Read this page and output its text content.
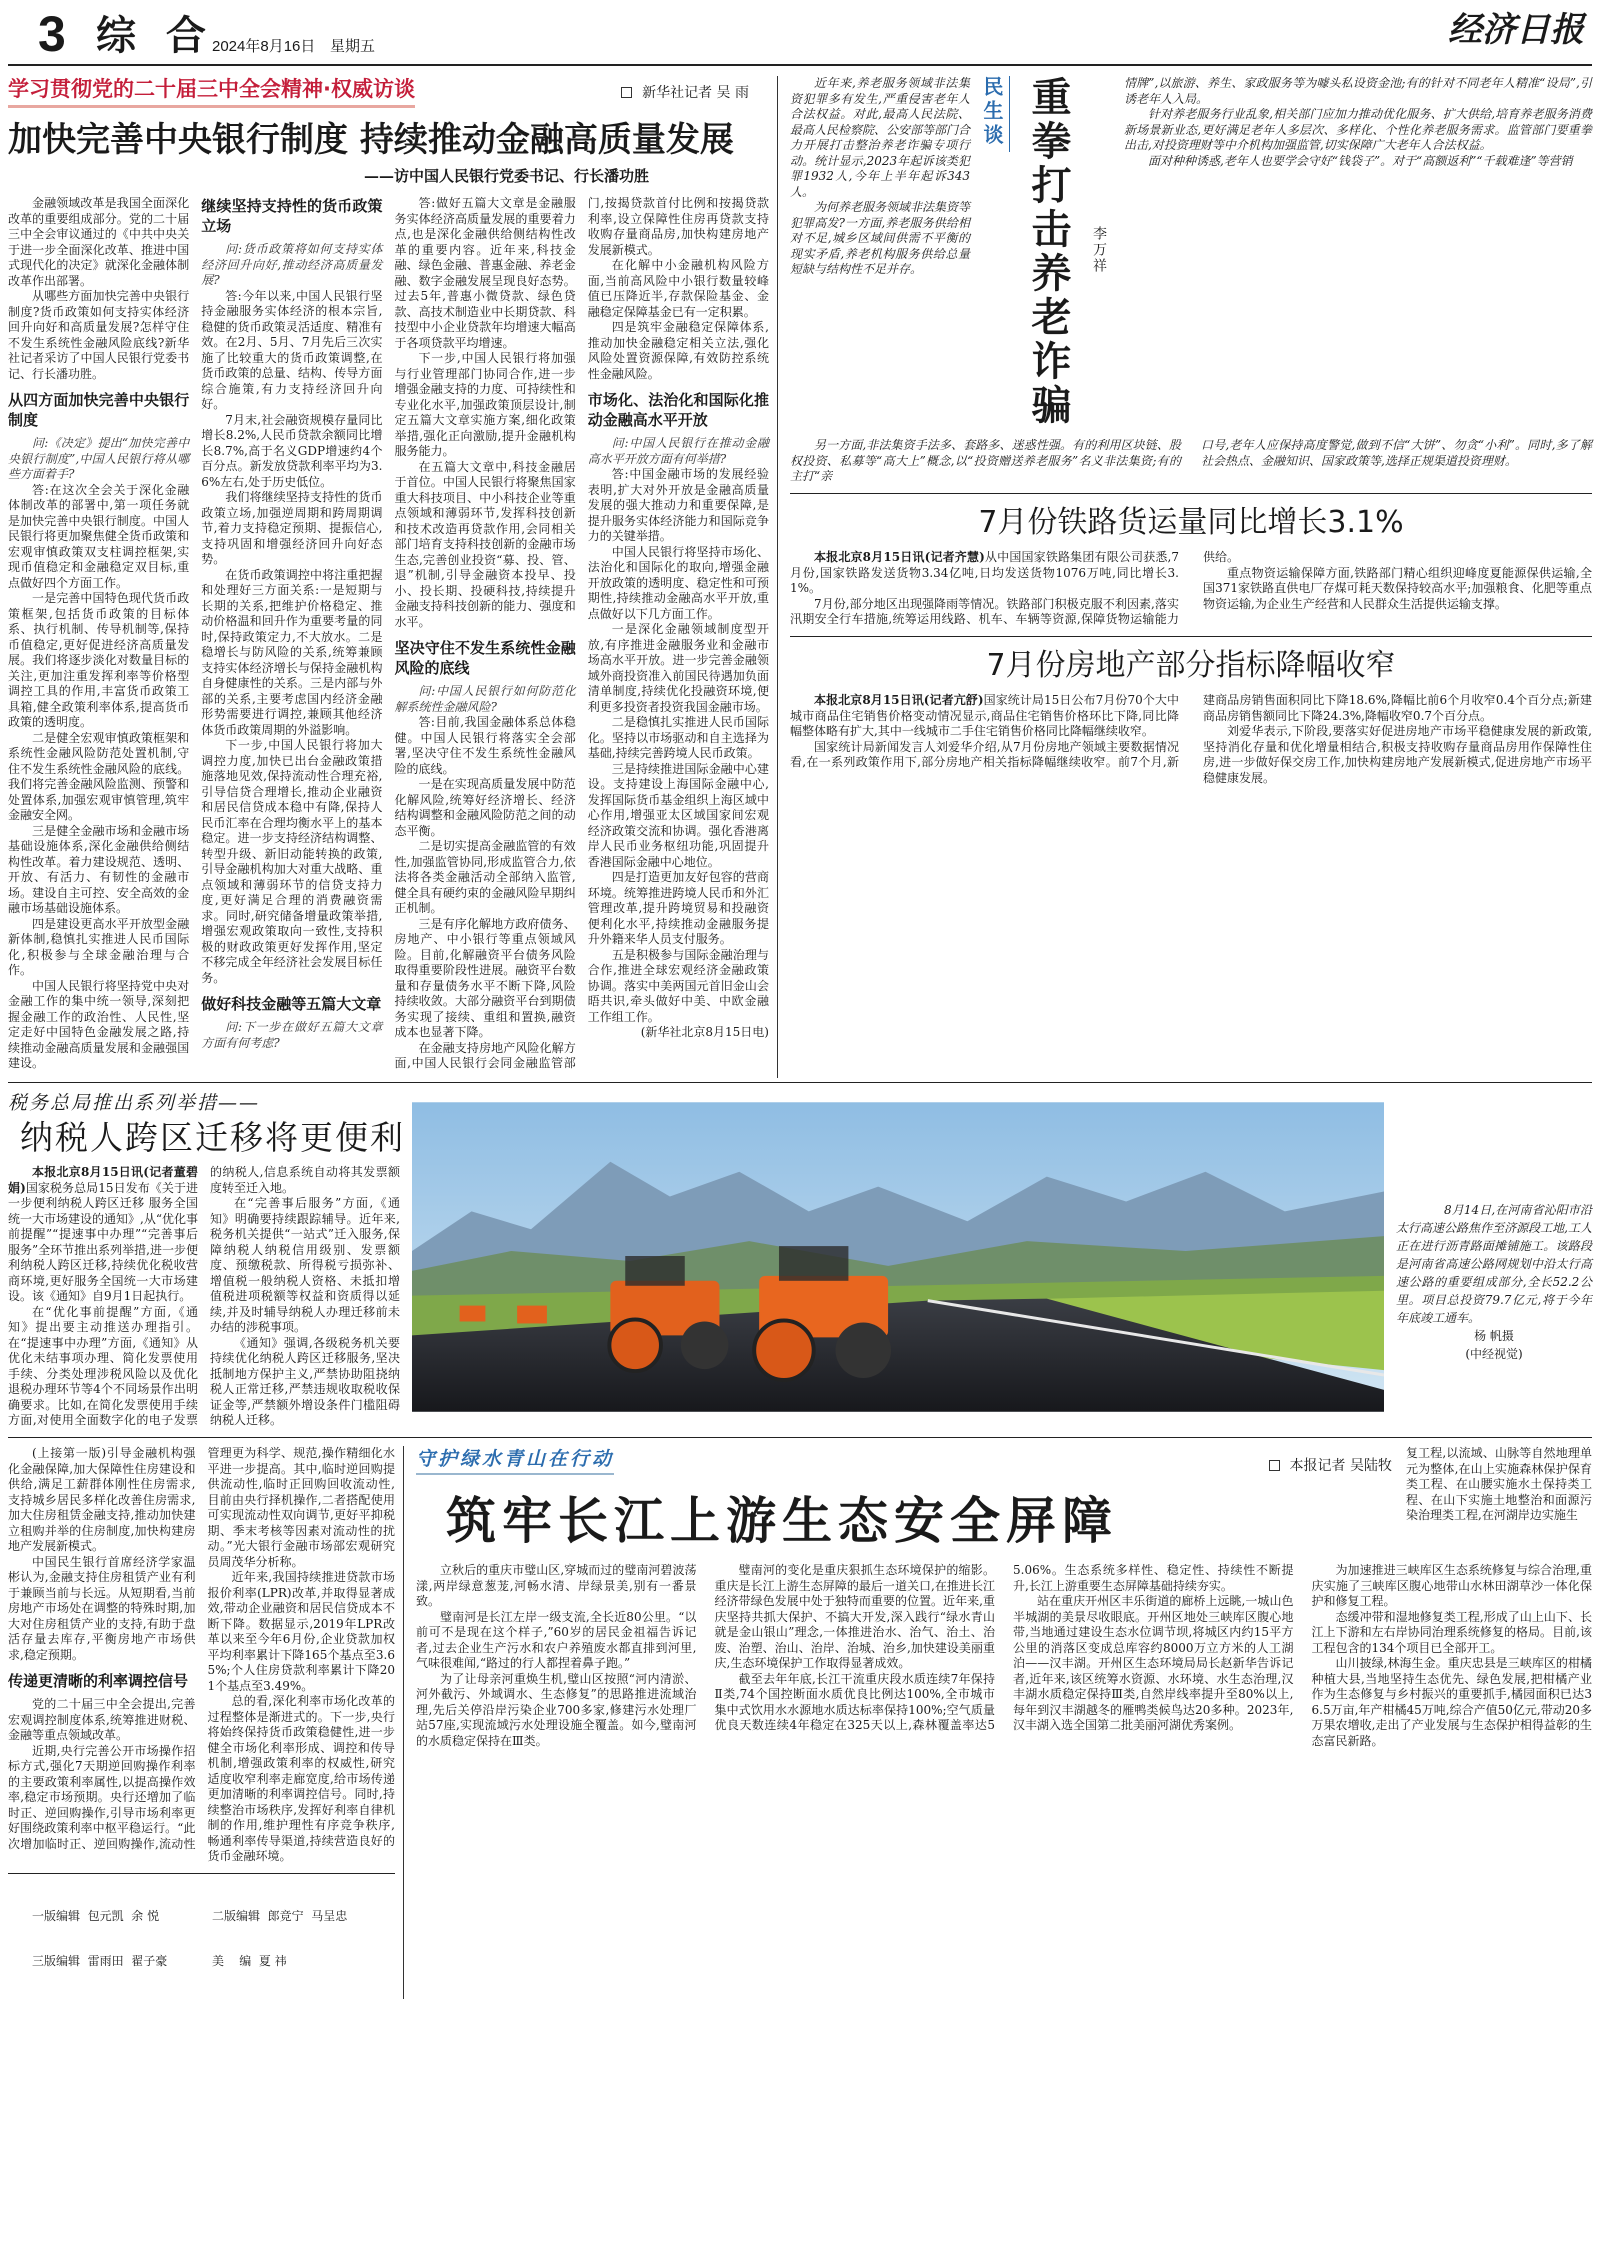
3 综 合
2024年8月16日 星期五	经济日报
学习贯彻党的二十届三中全会精神·权威访谈	新华社记者 吴 雨
加快完善中央银行制度 持续推动金融高质量发展
——访中国人民银行党委书记、行长潘功胜

金融领域改革是我国全面深化改革的重要组成部分。党的二十届三中全会审议通过的《中共中央关于进一步全面深化改革、推进中国式现代化的决定》就深化金融体制改革作出部署。

从哪些方面加快完善中央银行制度?货币政策如何支持实体经济回升向好和高质量发展?怎样守住不发生系统性金融风险底线?新华社记者采访了中国人民银行党委书记、行长潘功胜。

从四方面加快完善中央银行制度

问:《决定》提出“加快完善中央银行制度”,中国人民银行将从哪些方面着手?

答:在这次全会关于深化金融体制改革的部署中,第一项任务就是加快完善中央银行制度。中国人民银行将更加聚焦健全货币政策和宏观审慎政策双支柱调控框架,实现币值稳定和金融稳定双目标,重点做好四个方面工作。

一是完善中国特色现代货币政策框架,包括货币政策的目标体系、执行机制、传导机制等,保持币值稳定,更好促进经济高质量发展。我们将逐步淡化对数量目标的关注,更加注重发挥利率等价格型调控工具的作用,丰富货币政策工具箱,健全政策利率体系,提高货币政策的透明度。

二是健全宏观审慎政策框架和系统性金融风险防范处置机制,守住不发生系统性金融风险的底线。我们将完善金融风险监测、预警和处置体系,加强宏观审慎管理,筑牢金融安全网。

三是健全金融市场和金融市场基础设施体系,深化金融供给侧结构性改革。着力建设规范、透明、开放、有活力、有韧性的金融市场。建设自主可控、安全高效的金融市场基础设施体系。

四是建设更高水平开放型金融新体制,稳慎扎实推进人民币国际化,积极参与全球金融治理与合作。

中国人民银行将坚持党中央对金融工作的集中统一领导,深刻把握金融工作的政治性、人民性,坚定走好中国特色金融发展之路,持续推动金融高质量发展和金融强国建设。

继续坚持支持性的货币政策立场

问:货币政策将如何支持实体经济回升向好,推动经济高质量发展?

答:今年以来,中国人民银行坚持金融服务实体经济的根本宗旨,稳健的货币政策灵活适度、精准有效。在2月、5月、7月先后三次实施了比较重大的货币政策调整,在货币政策的总量、结构、传导方面综合施策,有力支持经济回升向好。

7月末,社会融资规模存量同比增长8.2%,人民币贷款余额同比增长8.7%,高于名义GDP增速约4个百分点。新发放贷款利率平均为3.6%左右,处于历史低位。

我们将继续坚持支持性的货币政策立场,加强逆周期和跨周期调节,着力支持稳定预期、提振信心,支持巩固和增强经济回升向好态势。

在货币政策调控中将注重把握和处理好三方面关系:一是短期与长期的关系,把维护价格稳定、推动价格温和回升作为重要考量的同时,保持政策定力,不大放水。二是稳增长与防风险的关系,统筹兼顾支持实体经济增长与保持金融机构自身健康性的关系。三是内部与外部的关系,主要考虑国内经济金融形势需要进行调控,兼顾其他经济体货币政策周期的外溢影响。

下一步,中国人民银行将加大调控力度,加快已出台金融政策措施落地见效,保持流动性合理充裕,引导信贷合理增长,推动企业融资和居民信贷成本稳中有降,保持人民币汇率在合理均衡水平上的基本稳定。进一步支持经济结构调整、转型升级、新旧动能转换的政策,引导金融机构加大对重大战略、重点领域和薄弱环节的信贷支持力度,更好满足合理的消费融资需求。同时,研究储备增量政策举措,增强宏观政策取向一致性,支持积极的财政政策更好发挥作用,坚定不移完成全年经济社会发展目标任务。

做好科技金融等五篇大文章

问:下一步在做好五篇大文章方面有何考虑?

答:做好五篇大文章是金融服务实体经济高质量发展的重要着力点,也是深化金融供给侧结构性改革的重要内容。近年来,科技金融、绿色金融、普惠金融、养老金融、数字金融发展呈现良好态势。过去5年,普惠小微贷款、绿色贷款、高技术制造业中长期贷款、科技型中小企业贷款年均增速大幅高于各项贷款平均增速。

下一步,中国人民银行将加强与行业管理部门协同合作,进一步增强金融支持的力度、可持续性和专业化水平,加强政策顶层设计,制定五篇大文章实施方案,细化政策举措,强化正向激励,提升金融机构服务能力。

在五篇大文章中,科技金融居于首位。中国人民银行将聚焦国家重大科技项目、中小科技企业等重点领域和薄弱环节,发挥科技创新和技术改造再贷款作用,会同相关部门培育支持科技创新的金融市场生态,完善创业投资“募、投、管、退”机制,引导金融资本投早、投小、投长期、投硬科技,持续提升金融支持科技创新的能力、强度和水平。

坚决守住不发生系统性金融风险的底线

问:中国人民银行如何防范化解系统性金融风险?

答:目前,我国金融体系总体稳健。中国人民银行将落实全会部署,坚决守住不发生系统性金融风险的底线。

一是在实现高质量发展中防范化解风险,统筹好经济增长、经济结构调整和金融风险防范之间的动态平衡。

二是切实提高金融监管的有效性,加强监管协同,形成监管合力,依法将各类金融活动全部纳入监管,健全具有硬约束的金融风险早期纠正机制。

三是有序化解地方政府债务、房地产、中小银行等重点领域风险。目前,化解融资平台债务风险取得重要阶段性进展。融资平台数量和存量债务水平不断下降,风险持续收敛。大部分融资平台到期债务实现了接续、重组和置换,融资成本也显著下降。

在金融支持房地产风险化解方面,中国人民银行会同金融监管部门,按揭贷款首付比例和按揭贷款利率,设立保障性住房再贷款支持收购存量商品房,加快构建房地产发展新模式。

在化解中小金融机构风险方面,当前高风险中小银行数量较峰值已压降近半,存款保险基金、金融稳定保障基金已有一定积累。

四是筑牢金融稳定保障体系,推动加快金融稳定相关立法,强化风险处置资源保障,有效防控系统性金融风险。

市场化、法治化和国际化推动金融高水平开放

问:中国人民银行在推动金融高水平开放方面有何举措?

答:中国金融市场的发展经验表明,扩大对外开放是金融高质量发展的强大推动力和重要保障,是提升服务实体经济能力和国际竞争力的关键举措。

中国人民银行将坚持市场化、法治化和国际化的取向,增强金融开放政策的透明度、稳定性和可预期性,持续推动金融高水平开放,重点做好以下几方面工作。

一是深化金融领域制度型开放,有序推进金融服务业和金融市场高水平开放。进一步完善金融领域外商投资准入前国民待遇加负面清单制度,持续优化投融资环境,便利更多投资者投资我国金融市场。

二是稳慎扎实推进人民币国际化。坚持以市场驱动和自主选择为基础,持续完善跨境人民币政策。

三是持续推进国际金融中心建设。支持建设上海国际金融中心,发挥国际货币基金组织上海区域中心作用,增强亚太区域国家间宏观经济政策交流和协调。强化香港离岸人民币业务枢纽功能,巩固提升香港国际金融中心地位。

四是打造更加友好包容的营商环境。统筹推进跨境人民币和外汇管理改革,提升跨境贸易和投融资便利化水平,持续推动金融服务提升外籍来华人员支付服务。

五是积极参与国际金融治理与合作,推进全球宏观经济金融政策协调。落实中美两国元首旧金山会晤共识,牵头做好中美、中欧金融工作组工作。

(新华社北京8月15日电)

近年来,养老服务领域非法集资犯罪多有发生,严重侵害老年人合法权益。对此,最高人民法院、最高人民检察院、公安部等部门合力开展打击整治养老诈骗专项行动。统计显示,2023年起诉该类犯罪1932人,今年上半年起诉343人。

为何养老服务领域非法集资等犯罪高发?一方面,养老服务供给相对不足,城乡区域间供需不平衡的现实矛盾,养老机构服务供给总量短缺与结构性不足并存。

民生谈 重拳打击养老诈骗	李万祥

情牌”,以旅游、养生、家政服务等为噱头私设资金池;有的针对不同老年人精准“设局”,引诱老年人入局。

针对养老服务行业乱象,相关部门应加力推动优化服务、扩大供给,培育养老服务消费新场景新业态,更好满足老年人多层次、多样化、个性化养老服务需求。监管部门要重拳出击,对投资理财等中介机构加强监管,切实保障广大老年人合法权益。

面对种种诱惑,老年人也要学会守好“钱袋子”。对于“高额返利”“千载难逢”等营销

另一方面,非法集资手法多、套路多、迷惑性强。有的利用区块链、股权投资、私募等“高大上”概念,以“投资赠送养老服务”名义非法集资;有的主打“亲

口号,老年人应保持高度警觉,做到不信“大饼”、勿贪“小利”。同时,多了解社会热点、金融知识、国家政策等,选择正规渠道投资理财。

7月份铁路货运量同比增长3.1%

本报北京8月15日讯(记者齐慧)从中国国家铁路集团有限公司获悉,7月份,国家铁路发送货物3.34亿吨,日均发送货物1076万吨,同比增长3.1%。

7月份,部分地区出现强降雨等情况。铁路部门积极克服不利因素,落实汛期安全行车措施,统筹运用线路、机车、车辆等资源,保障货物运输能力供给。

重点物资运输保障方面,铁路部门精心组织迎峰度夏能源保供运输,全国371家铁路直供电厂存煤可耗天数保持较高水平;加强粮食、化肥等重点物资运输,为企业生产经营和人民群众生活提供运输支撑。

7月份房地产部分指标降幅收窄

本报北京8月15日讯(记者亢舒)国家统计局15日公布7月份70个大中城市商品住宅销售价格变动情况显示,商品住宅销售价格环比下降,同比降幅整体略有扩大,其中一线城市二手住宅销售价格同比降幅继续收窄。

国家统计局新闻发言人刘爱华介绍,从7月份房地产领域主要数据情况看,在一系列政策作用下,部分房地产相关指标降幅继续收窄。前7个月,新建商品房销售面积同比下降18.6%,降幅比前6个月收窄0.4个百分点;新建商品房销售额同比下降24.3%,降幅收窄0.7个百分点。

刘爱华表示,下阶段,要落实好促进房地产市场平稳健康发展的新政策,坚持消化存量和优化增量相结合,积极支持收购存量商品房用作保障性住房,进一步做好保交房工作,加快构建房地产发展新模式,促进房地产市场平稳健康发展。

税务总局推出系列举措——
纳税人跨区迁移将更便利

本报北京8月15日讯(记者董碧娟)国家税务总局15日发布《关于进一步便利纳税人跨区迁移 服务全国统一大市场建设的通知》,从“优化事前提醒”“提速事中办理”“完善事后服务”全环节推出系列举措,进一步便利纳税人跨区迁移,持续优化税收营商环境,更好服务全国统一大市场建设。该《通知》自9月1日起执行。

在“优化事前提醒”方面,《通知》提出要主动推送办理指引。在“提速事中办理”方面,《通知》从优化未结事项办理、简化发票使用手续、分类处理涉税风险以及优化退税办理环节等4个不同场景作出明确要求。比如,在简化发票使用手续方面,对使用全面数字化的电子发票的纳税人,信息系统自动将其发票额度转至迁入地。

在“完善事后服务”方面,《通知》明确要持续跟踪辅导。近年来,税务机关提供“一站式”迁入服务,保障纳税人纳税信用级别、发票额度、预缴税款、所得税亏损弥补、增值税一般纳税人资格、未抵扣增值税进项税额等权益和资质得以延续,并及时辅导纳税人办理迁移前未办结的涉税事项。

《通知》强调,各级税务机关要持续优化纳税人跨区迁移服务,坚决抵制地方保护主义,严禁协助阻挠纳税人正常迁移,严禁违规收取税收保证金等,严禁额外增设条件门槛阻碍纳税人迁移。

8月14日,在河南省沁阳市沿太行高速公路焦作至济源段工地,工人正在进行沥青路面摊铺施工。该路段是河南省高速公路网规划中沿太行高速公路的重要组成部分,全长52.2公里。项目总投资79.7亿元,将于今年年底竣工通车。

杨 帆摄

(中经视觉)

(上接第一版)引导金融机构强化金融保障,加大保障性住房建设和供给,满足工薪群体刚性住房需求,支持城乡居民多样化改善住房需求,加大住房租赁金融支持,推动加快建立租购并举的住房制度,加快构建房地产发展新模式。

中国民生银行首席经济学家温彬认为,金融支持住房租赁产业有利于兼顾当前与长远。从短期看,当前房地产市场处在调整的特殊时期,加大对住房租赁产业的支持,有助于盘活存量去库存,平衡房地产市场供求,稳定预期。

传递更清晰的利率调控信号

党的二十届三中全会提出,完善宏观调控制度体系,统筹推进财税、金融等重点领域改革。

近期,央行完善公开市场操作招标方式,强化7天期逆回购操作利率的主要政策利率属性,以提高操作效率,稳定市场预期。央行还增加了临时正、逆回购操作,引导市场利率更好围绕政策利率中枢平稳运行。“此次增加临时正、逆回购操作,流动性管理更为科学、规范,操作精细化水平进一步提高。其中,临时逆回购提供流动性,临时正回购回收流动性,目前由央行择机操作,二者搭配使用可实现流动性双向调节,更好平抑税期、季末考核等因素对流动性的扰动。”光大银行金融市场部宏观研究员周茂华分析称。

近年来,我国持续推进贷款市场报价利率(LPR)改革,并取得显著成效,带动企业融资和居民信贷成本不断下降。数据显示,2019年LPR改革以来至今年6月份,企业贷款加权平均利率累计下降165个基点至3.65%;个人住房贷款利率累计下降201个基点至3.49%。

总的看,深化利率市场化改革的过程整体是渐进式的。下一步,央行将始终保持货币政策稳健性,进一步健全市场化利率形成、调控和传导机制,增强政策利率的权威性,研究适度收窄利率走廊宽度,给市场传递更加清晰的利率调控信号。同时,持续整治市场秩序,发挥好利率自律机制的作用,维护理性有序竞争秩序,畅通利率传导渠道,持续营造良好的货币金融环境。

一版编辑  包元凯  余 悦	二版编辑  郎竞宁  马呈忠

三版编辑  雷雨田  翟子豪	美    编  夏 祎

守护绿水青山在行动	本报记者 吴陆牧
筑牢长江上游生态安全屏障

复工程,以流域、山脉等自然地理单元为整体,在山上实施森林保护保育类工程、在山腰实施水土保持类工程、在山下实施土地整治和面源污染治理类工程,在河湖岸边实施生

立秋后的重庆市璧山区,穿城而过的璧南河碧波荡漾,两岸绿意葱茏,河畅水清、岸绿景美,别有一番景致。

璧南河是长江左岸一级支流,全长近80公里。“以前可不是现在这个样子,”60岁的居民金祖福告诉记者,过去企业生产污水和农户养殖废水都直排到河里,气味很难闻,“路过的行人都捏着鼻子跑。”

为了让母亲河重焕生机,璧山区按照“河内清淤、河外截污、外域调水、生态修复”的思路推进流域治理,先后关停沿岸污染企业700多家,修建污水处理厂站57座,实现流域污水处理设施全覆盖。如今,璧南河的水质稳定保持在Ⅲ类。

璧南河的变化是重庆狠抓生态环境保护的缩影。重庆是长江上游生态屏障的最后一道关口,在推进长江经济带绿色发展中处于独特而重要的位置。近年来,重庆坚持共抓大保护、不搞大开发,深入践行“绿水青山就是金山银山”理念,一体推进治水、治气、治土、治废、治塑、治山、治岸、治城、治乡,加快建设美丽重庆,生态环境保护工作取得显著成效。

截至去年年底,长江干流重庆段水质连续7年保持Ⅱ类,74个国控断面水质优良比例达100%,全市城市集中式饮用水水源地水质达标率保持100%;空气质量优良天数连续4年稳定在325天以上,森林覆盖率达55.06%。生态系统多样性、稳定性、持续性不断提升,长江上游重要生态屏障基础持续夯实。

站在重庆开州区丰乐街道的廊桥上远眺,一城山色半城湖的美景尽收眼底。开州区地处三峡库区腹心地带,当地通过建设生态水位调节坝,将城区内约15平方公里的消落区变成总库容约8000万立方米的人工湖泊——汉丰湖。开州区生态环境局局长赵新华告诉记者,近年来,该区统筹水资源、水环境、水生态治理,汉丰湖水质稳定保持Ⅲ类,自然岸线率提升至80%以上,每年到汉丰湖越冬的雁鸭类候鸟达20多种。2023年,汉丰湖入选全国第二批美丽河湖优秀案例。

为加速推进三峡库区生态系统修复与综合治理,重庆实施了三峡库区腹心地带山水林田湖草沙一体化保护和修复工程。

态缓冲带和湿地修复类工程,形成了山上山下、长江上下游和左右岸协同治理系统修复的格局。目前,该工程包含的134个项目已全部开工。

山川披绿,林海生金。重庆忠县是三峡库区的柑橘种植大县,当地坚持生态优先、绿色发展,把柑橘产业作为生态修复与乡村振兴的重要抓手,橘园面积已达36.5万亩,年产柑橘45万吨,综合产值50亿元,带动20多万果农增收,走出了产业发展与生态保护相得益彰的生态富民新路。
